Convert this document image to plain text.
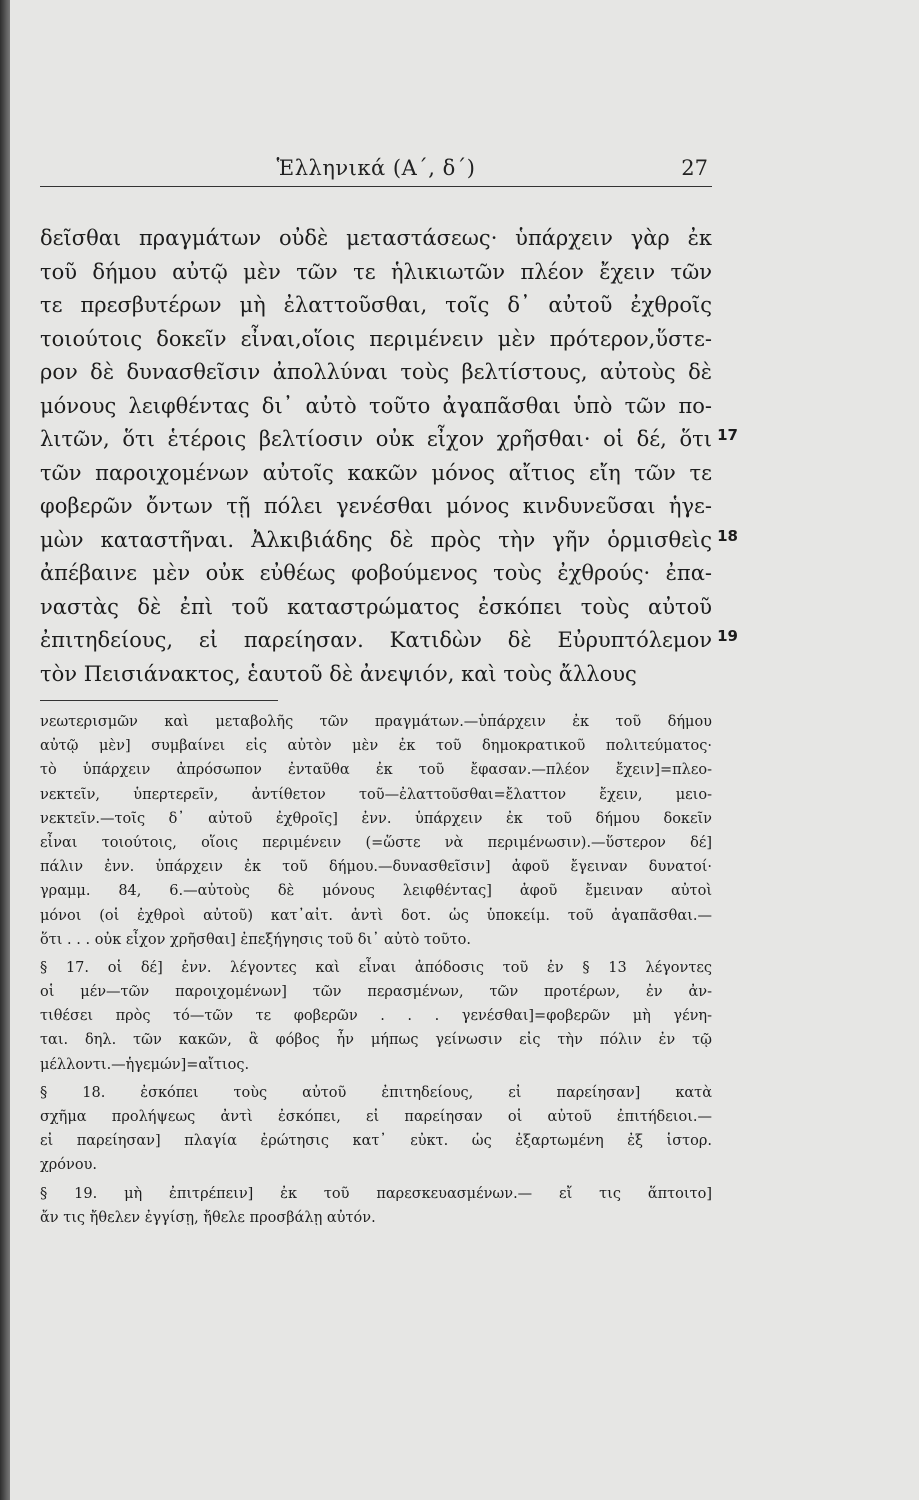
Ἑλληνικά (Α΄, δ΄)	27
δεῖσθαι πραγμάτων οὐδὲ μεταστάσεως· ὑπάρχειν γὰρ ἐκ
τοῦ δήμου αὐτῷ μὲν τῶν τε ἡλικιωτῶν πλέον ἔχειν τῶν
τε πρεσβυτέρων μὴ ἐλαττοῦσθαι, τοῖς δ᾽ αὐτοῦ ἐχθροῖς
τοιούτοις δοκεῖν εἶναι,οἵοις περιμένειν μὲν πρότερον,ὕστε-
ρον δὲ δυνασθεῖσιν ἀπολλύναι τοὺς βελτίστους, αὐτοὺς δὲ
μόνους λειφθέντας δι᾽ αὐτὸ τοῦτο ἀγαπᾶσθαι ὑπὸ τῶν πο-
λιτῶν, ὅτι ἑτέροις βελτίοσιν οὐκ εἶχον χρῆσθαι· οἱ δέ, ὅτι 17
τῶν παροιχομένων αὐτοῖς κακῶν μόνος αἴτιος εἴη τῶν τε
φοβερῶν ὄντων τῇ πόλει γενέσθαι μόνος κινδυνεῦσαι ἡγε-
μὼν καταστῆναι. Ἀλκιβιάδης δὲ πρὸς τὴν γῆν ὁρμισθεὶς 18
ἀπέβαινε μὲν οὐκ εὐθέως φοβούμενος τοὺς ἐχθρούς· ἐπα-
ναστὰς δὲ ἐπὶ τοῦ καταστρώματος ἐσκόπει τοὺς αὐτοῦ
ἐπιτηδείους, εἰ παρείησαν. Κατιδὼν δὲ Εὐρυπτόλεμον 19
τὸν Πεισιάνακτος, ἑαυτοῦ δὲ ἀνεψιόν, καὶ τοὺς ἄλλους
νεωτερισμῶν καὶ μεταβολῆς τῶν πραγμάτων.—ὑπάρχειν ἐκ τοῦ δήμου
αὐτῷ μὲν] συμβαίνει εἰς αὐτὸν μὲν ἐκ τοῦ δημοκρατικοῦ πολιτεύματος·
τὸ ὑπάρχειν ἀπρόσωπον ἐνταῦθα ἐκ τοῦ ἔφασαν.—πλέον ἔχειν]=πλεο-
νεκτεῖν, ὑπερτερεῖν, ἀντίθετον τοῦ—ἐλαττοῦσθαι=ἔλαττον ἔχειν, μειο-
νεκτεῖν.—τοῖς δ᾽ αὐτοῦ ἐχθροῖς] ἐνν. ὑπάρχειν ἐκ τοῦ δήμου δοκεῖν
εἶναι τοιούτοις, οἵοις περιμένειν (=ὥστε νὰ περιμένωσιν).—ὕστερον δέ]
πάλιν ἐνν. ὑπάρχειν ἐκ τοῦ δήμου.—δυνασθεῖσιν] ἀφοῦ ἔγειναν δυνατοί·
γραμμ. 84, 6.—αὐτοὺς δὲ μόνους λειφθέντας] ἀφοῦ ἔμειναν αὐτοὶ
μόνοι (οἱ ἐχθροὶ αὐτοῦ) κατ᾽αἰτ. ἀντὶ δοτ. ὡς ὑποκείμ. τοῦ ἀγαπᾶσθαι.—
ὅτι . . . οὐκ εἶχον χρῆσθαι] ἐπεξήγησις τοῦ δι᾽ αὐτὸ τοῦτο.
§ 17. οἱ δέ] ἐνν. λέγοντες καὶ εἶναι ἀπόδοσις τοῦ ἐν § 13 λέγοντες
οἱ μέν—τῶν παροιχομένων] τῶν περασμένων, τῶν προτέρων, ἐν ἀν-
τιθέσει πρὸς τό—τῶν τε φοβερῶν . . . γενέσθαι]=φοβερῶν μὴ γένη-
ται. δηλ. τῶν κακῶν, ἃ φόβος ἦν μήπως γείνωσιν εἰς τὴν πόλιν ἐν τῷ
μέλλοντι.—ἡγεμών]=αἴτιος.
§ 18. ἐσκόπει τοὺς αὐτοῦ ἐπιτηδείους, εἰ παρείησαν] κατὰ
σχῆμα προλήψεως ἀντὶ ἐσκόπει, εἰ παρείησαν οἱ αὐτοῦ ἐπιτήδειοι.—
εἰ παρείησαν] πλαγία ἐρώτησις κατ᾽ εὐκτ. ὡς ἐξαρτωμένη ἐξ ἱστορ.
χρόνου.
§ 19. μὴ ἐπιτρέπειν] ἐκ τοῦ παρεσκευασμένων.— εἴ τις ἅπτοιτο]
ἄν τις ἤθελεν ἐγγίσῃ, ἤθελε προσβάλῃ αὐτόν.
